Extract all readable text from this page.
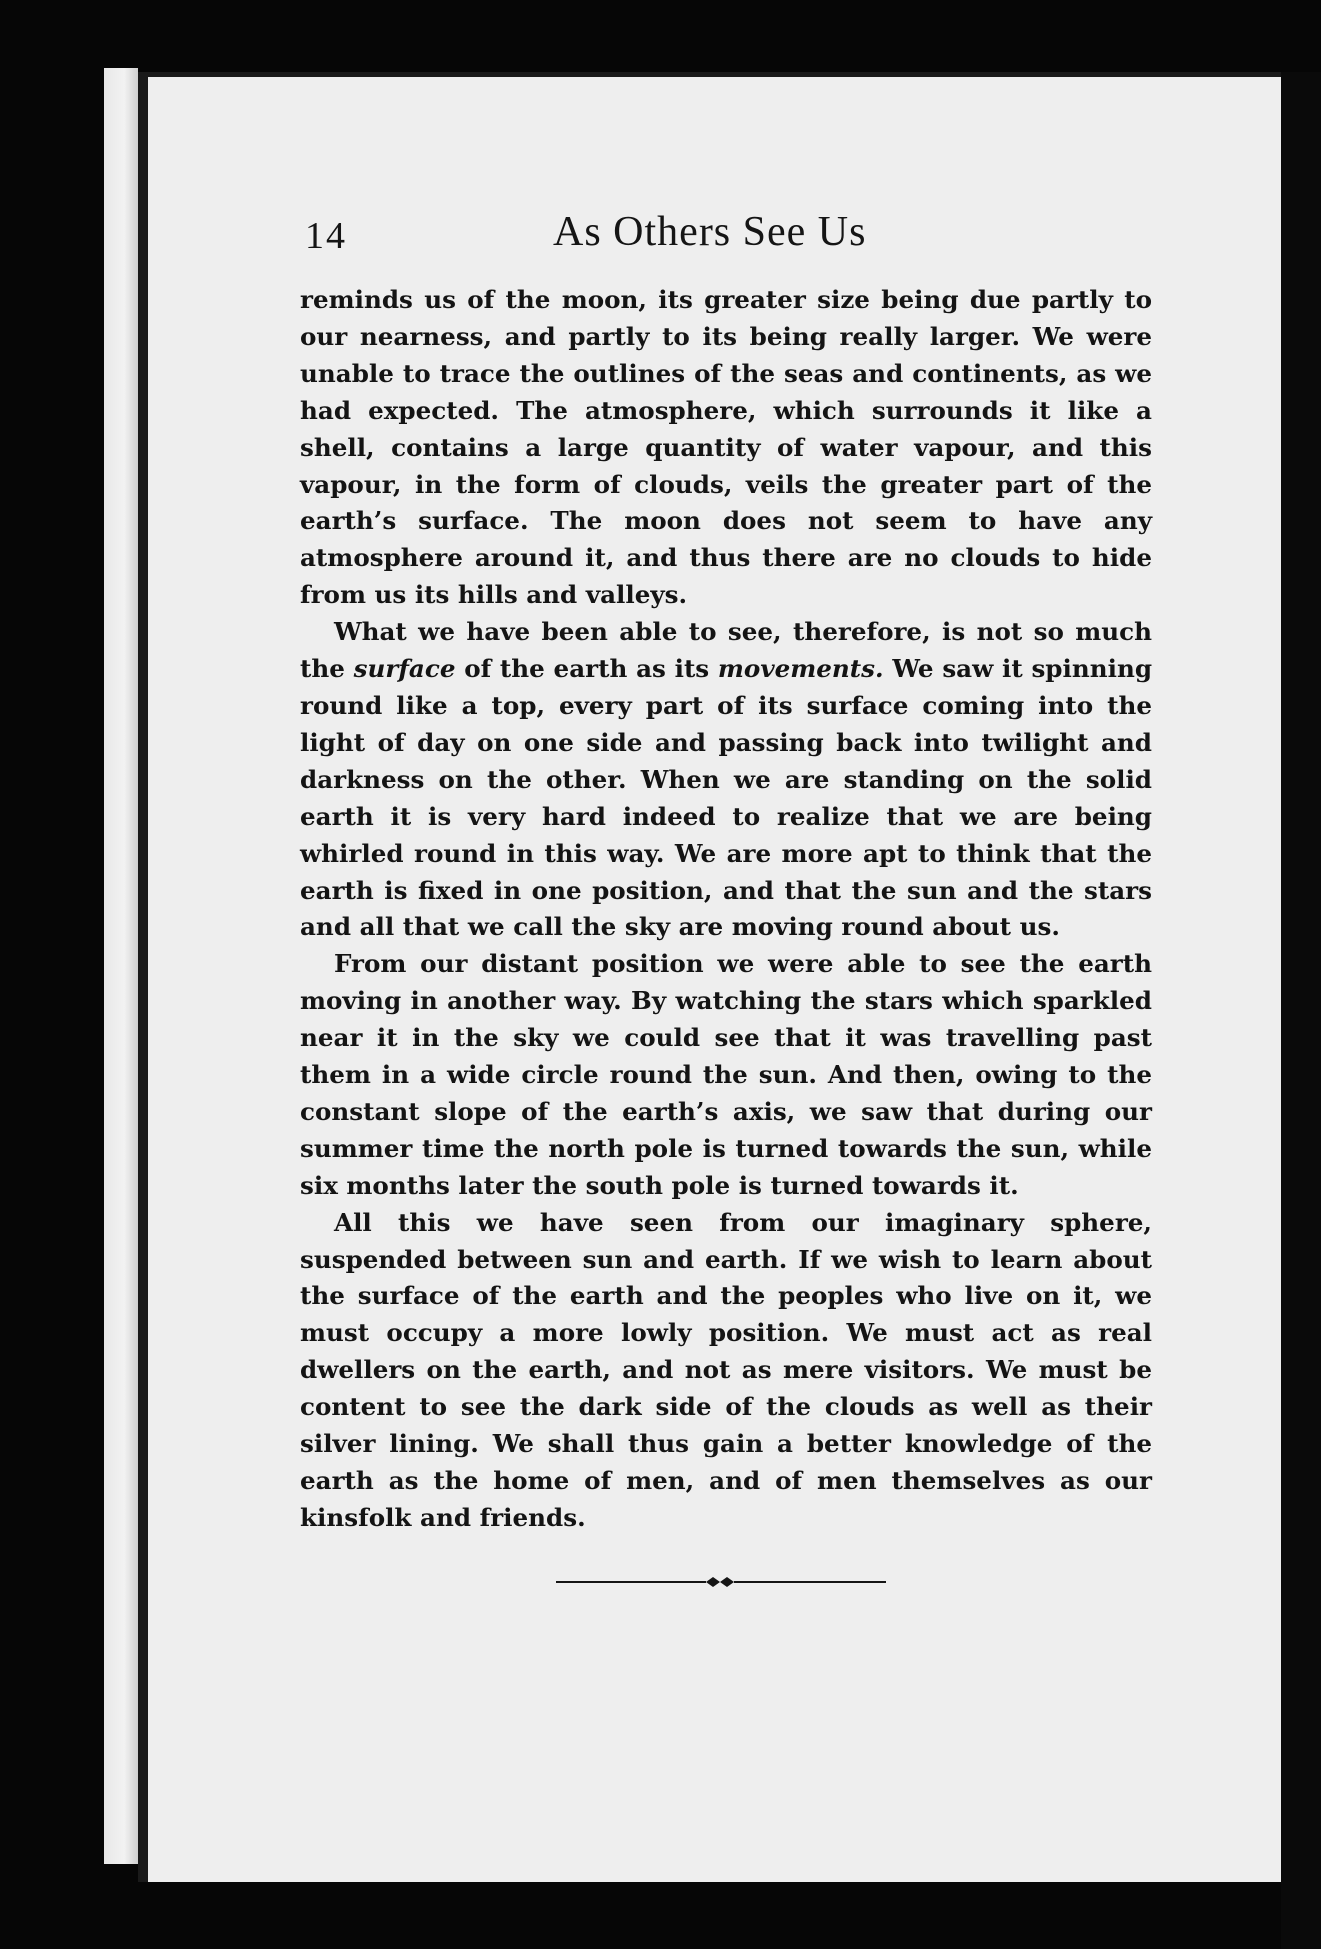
14	As Others See Us

reminds us of the moon, its greater size being due partly to our nearness, and partly to its being really larger. We were unable to trace the outlines of the seas and continents, as we had expected. The atmosphere, which surrounds it like a shell, contains a large quantity of water vapour, and this vapour, in the form of clouds, veils the greater part of the earth’s surface. The moon does not seem to have any atmosphere around it, and thus there are no clouds to hide from us its hills and valleys.

What we have been able to see, therefore, is not so much the surface of the earth as its movements. We saw it spinning round like a top, every part of its surface coming into the light of day on one side and passing back into twilight and darkness on the other. When we are standing on the solid earth it is very hard indeed to realize that we are being whirled round in this way. We are more apt to think that the earth is fixed in one position, and that the sun and the stars and all that we call the sky are moving round about us.

From our distant position we were able to see the earth moving in another way. By watching the stars which sparkled near it in the sky we could see that it was travelling past them in a wide circle round the sun. And then, owing to the constant slope of the earth’s axis, we saw that during our summer time the north pole is turned towards the sun, while six months later the south pole is turned towards it.

All this we have seen from our imaginary sphere, suspended between sun and earth. If we wish to learn about the surface of the earth and the peoples who live on it, we must occupy a more lowly position. We must act as real dwellers on the earth, and not as mere visitors. We must be content to see the dark side of the clouds as well as their silver lining. We shall thus gain a better knowledge of the earth as the home of men, and of men themselves as our kinsfolk and friends.
